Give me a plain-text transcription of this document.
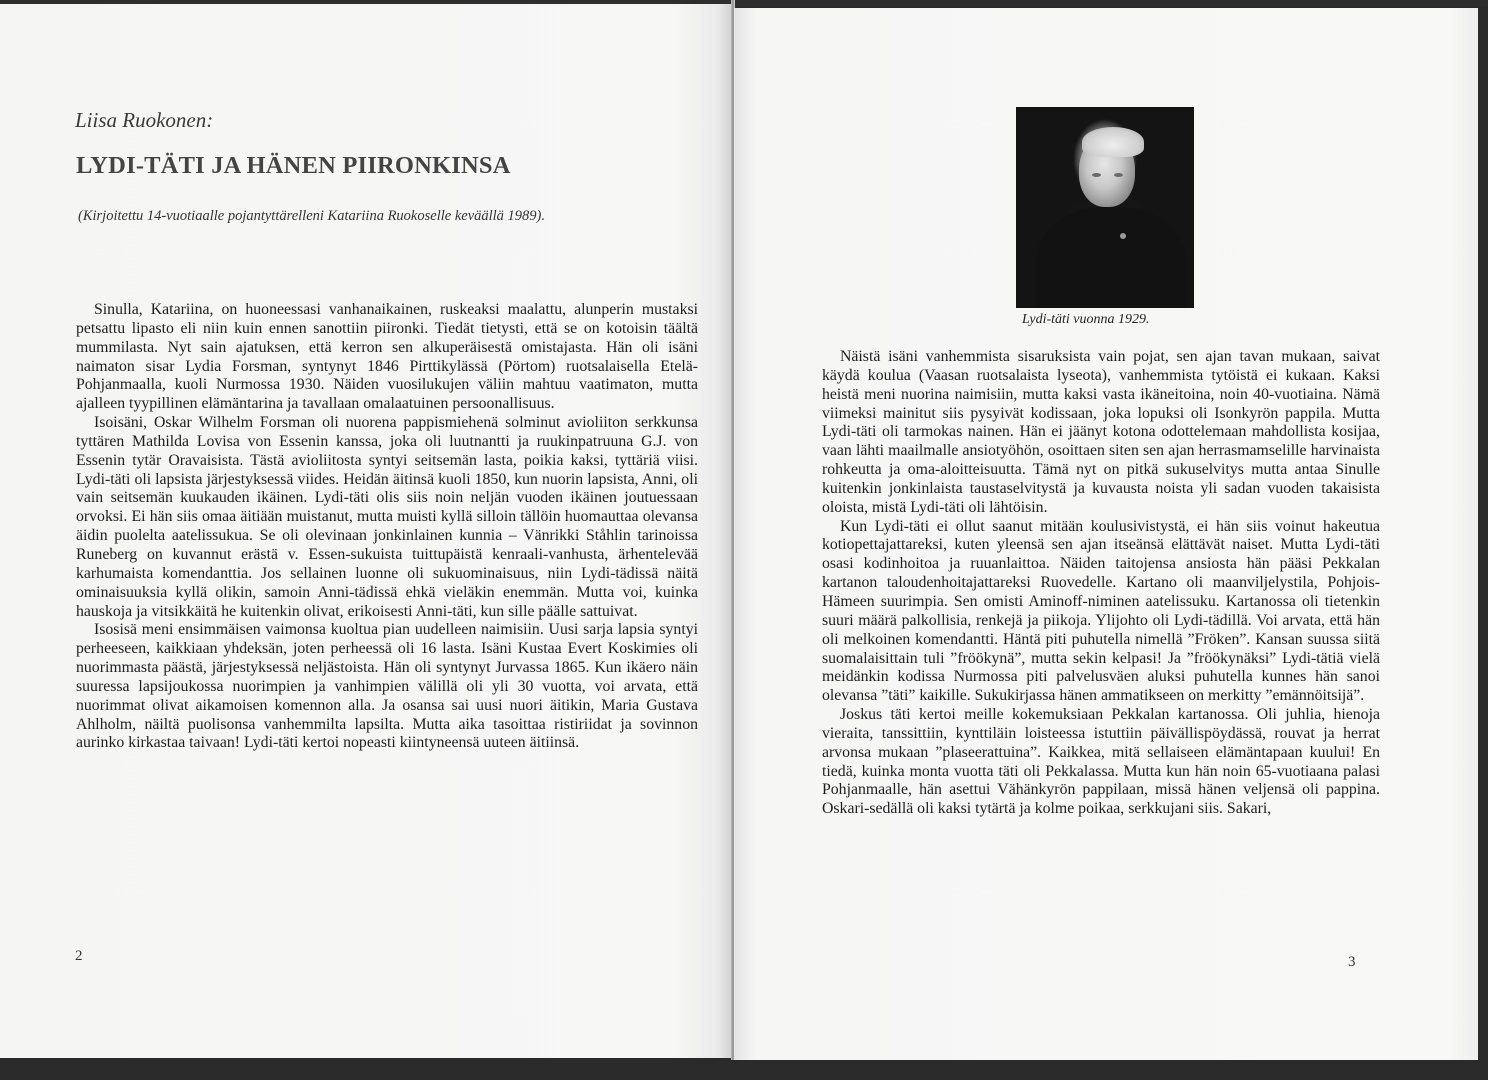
Liisa Ruokonen:
LYDI-TÄTI JA HÄNEN PIIRONKINSA
(Kirjoitettu 14-vuotiaalle pojantyttärelleni Katariina Ruokoselle keväällä 1989).

Sinulla, Katariina, on huoneessasi vanhanaikainen, ruskeaksi maalattu, alunperin mustaksi petsattu lipasto eli niin kuin ennen sanottiin piironki. Tiedät tietysti, että se on kotoisin täältä mummilasta. Nyt sain ajatuksen, että kerron sen alkuperäisestä omistajasta. Hän oli isäni naimaton sisar Lydia Forsman, syntynyt 1846 Pirttikylässä (Pörtom) ruotsalaisella Etelä-Pohjanmaalla, kuoli Nurmossa 1930. Näiden vuosilukujen väliin mahtuu vaatimaton, mutta ajalleen tyypillinen elämäntarina ja tavallaan omalaatuinen persoonallisuus.

Isoisäni, Oskar Wilhelm Forsman oli nuorena pappismiehenä solminut avioliiton serkkunsa tyttären Mathilda Lovisa von Essenin kanssa, joka oli luutnantti ja ruukinpatruuna G.J. von Essenin tytär Oravaisista. Tästä avioliitosta syntyi seitsemän lasta, poikia kaksi, tyttäriä viisi. Lydi-täti oli lapsista järjestyksessä viides. Heidän äitinsä kuoli 1850, kun nuorin lapsista, Anni, oli vain seitsemän kuukauden ikäinen. Lydi-täti olis siis noin neljän vuoden ikäinen joutuessaan orvoksi. Ei hän siis omaa äitiään muistanut, mutta muisti kyllä silloin tällöin huomauttaa olevansa äidin puolelta aatelissukua. Se oli olevinaan jonkinlainen kunnia – Vänrikki Ståhlin tarinoissa Runeberg on kuvannut erästä v. Essen-sukuista tuittupäistä kenraali-vanhusta, ärhentelevää karhumaista komendanttia. Jos sellainen luonne oli sukuominaisuus, niin Lydi-tädissä näitä ominaisuuksia kyllä olikin, samoin Anni-tädissä ehkä vieläkin enemmän. Mutta voi, kuinka hauskoja ja vitsikkäitä he kuitenkin olivat, erikoisesti Anni-täti, kun sille päälle sattuivat.

Isosisä meni ensimmäisen vaimonsa kuoltua pian uudelleen naimisiin. Uusi sarja lapsia syntyi perheeseen, kaikkiaan yhdeksän, joten perheessä oli 16 lasta. Isäni Kustaa Evert Koskimies oli nuorimmasta päästä, järjestyksessä neljästoista. Hän oli syntynyt Jurvassa 1865. Kun ikäero näin suuressa lapsijoukossa nuorimpien ja vanhimpien välillä oli yli 30 vuotta, voi arvata, että nuorimmat olivat aikamoisen komennon alla. Ja osansa sai uusi nuori äitikin, Maria Gustava Ahlholm, näiltä puolisonsa vanhemmilta lapsilta. Mutta aika tasoittaa ristiriidat ja sovinnon aurinko kirkastaa taivaan! Lydi-täti kertoi nopeasti kiintyneensä uuteen äitiinsä.

2
Lydi-täti vuonna 1929.

Näistä isäni vanhemmista sisaruksista vain pojat, sen ajan tavan mukaan, saivat käydä koulua (Vaasan ruotsalaista lyseota), vanhemmista tytöistä ei kukaan. Kaksi heistä meni nuorina naimisiin, mutta kaksi vasta ikäneitoina, noin 40-vuotiaina. Nämä viimeksi mainitut siis pysyivät kodissaan, joka lopuksi oli Isonkyrön pappila. Mutta Lydi-täti oli tarmokas nainen. Hän ei jäänyt kotona odottelemaan mahdollista kosijaa, vaan lähti maailmalle ansiotyöhön, osoittaen siten sen ajan herrasmamselille harvinaista rohkeutta ja oma-aloitteisuutta. Tämä nyt on pitkä sukuselvitys mutta antaa Sinulle kuitenkin jonkinlaista taustaselvitystä ja kuvausta noista yli sadan vuoden takaisista oloista, mistä Lydi-täti oli lähtöisin.

Kun Lydi-täti ei ollut saanut mitään koulusivistystä, ei hän siis voinut hakeutua kotiopettajattareksi, kuten yleensä sen ajan itseänsä elättävät naiset. Mutta Lydi-täti osasi kodinhoitoa ja ruuanlaittoa. Näiden taitojensa ansiosta hän pääsi Pekkalan kartanon taloudenhoitajattareksi Ruovedelle. Kartano oli maanviljelystila, Pohjois-Hämeen suurimpia. Sen omisti Aminoff-niminen aatelissuku. Kartanossa oli tietenkin suuri määrä palkollisia, renkejä ja piikoja. Ylijohto oli Lydi-tädillä. Voi arvata, että hän oli melkoinen komendantti. Häntä piti puhutella nimellä ”Fröken”. Kansan suussa siitä suomalaisittain tuli ”fröökynä”, mutta sekin kelpasi! Ja ”fröökynäksi” Lydi-tätiä vielä meidänkin kodissa Nurmossa piti palvelusväen aluksi puhutella kunnes hän sanoi olevansa ”täti” kaikille. Sukukirjassa hänen ammatikseen on merkitty ”emännöitsijä”.

Joskus täti kertoi meille kokemuksiaan Pekkalan kartanossa. Oli juhlia, hienoja vieraita, tanssittiin, kynttiläin loisteessa istuttiin päivällispöydässä, rouvat ja herrat arvonsa mukaan ”plaseerattuina”. Kaikkea, mitä sellaiseen elämäntapaan kuului! En tiedä, kuinka monta vuotta täti oli Pekkalassa. Mutta kun hän noin 65-vuotiaana palasi Pohjanmaalle, hän asettui Vähänkyrön pappilaan, missä hänen veljensä oli pappina. Oskari-sedällä oli kaksi tytärtä ja kolme poikaa, serkkujani siis. Sakari,

3
